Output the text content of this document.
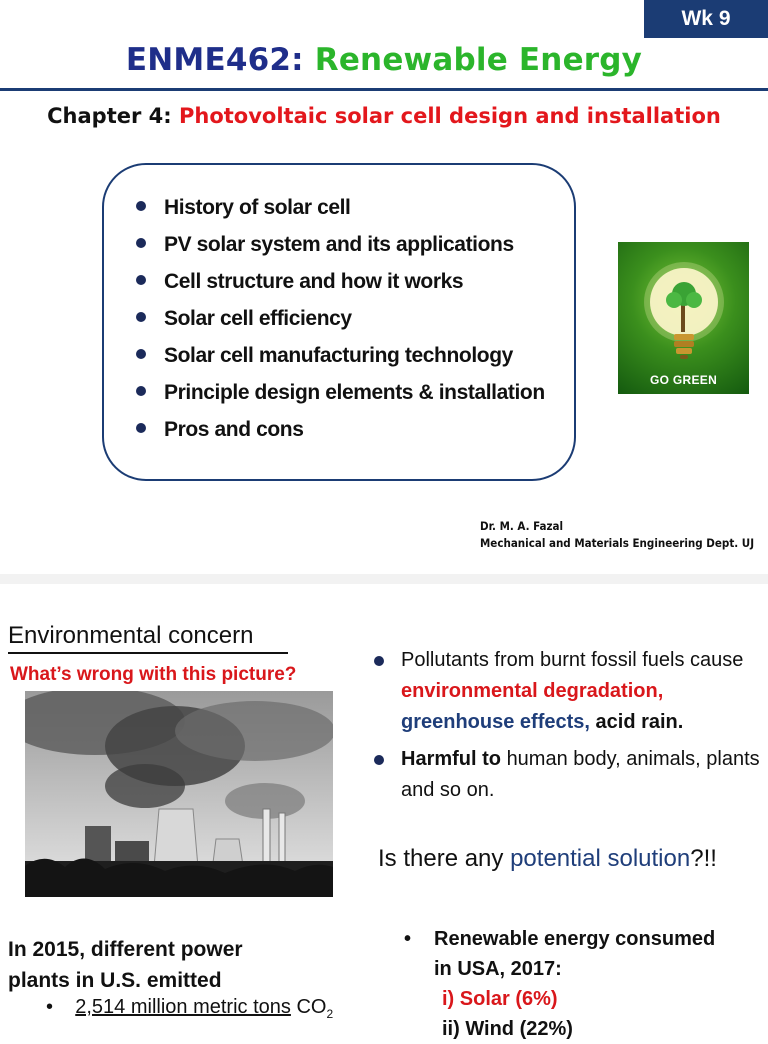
Wk 9
ENME462: Renewable Energy
Chapter 4: Photovoltaic solar cell design and installation
History of solar cell
PV solar system and its applications
Cell structure and how it works
Solar cell efficiency
Solar cell manufacturing technology
Principle design elements & installation
Pros and cons
GO GREEN
Dr. M. A. Fazal
Mechanical and Materials Engineering Dept. UJ
Environmental concern
What’s wrong with this picture?
Pollutants from burnt fossil fuels cause environmental degradation, greenhouse effects, acid rain.
Harmful to human body, animals, plants and so on.
Is there any potential solution?!!
In 2015, different power plants in U.S. emitted
• 2,514 million metric tons $CO_2$
•	Renewable energy consumed in USA, 2017:
i) Solar (6%)
ii) Wind (22%)
